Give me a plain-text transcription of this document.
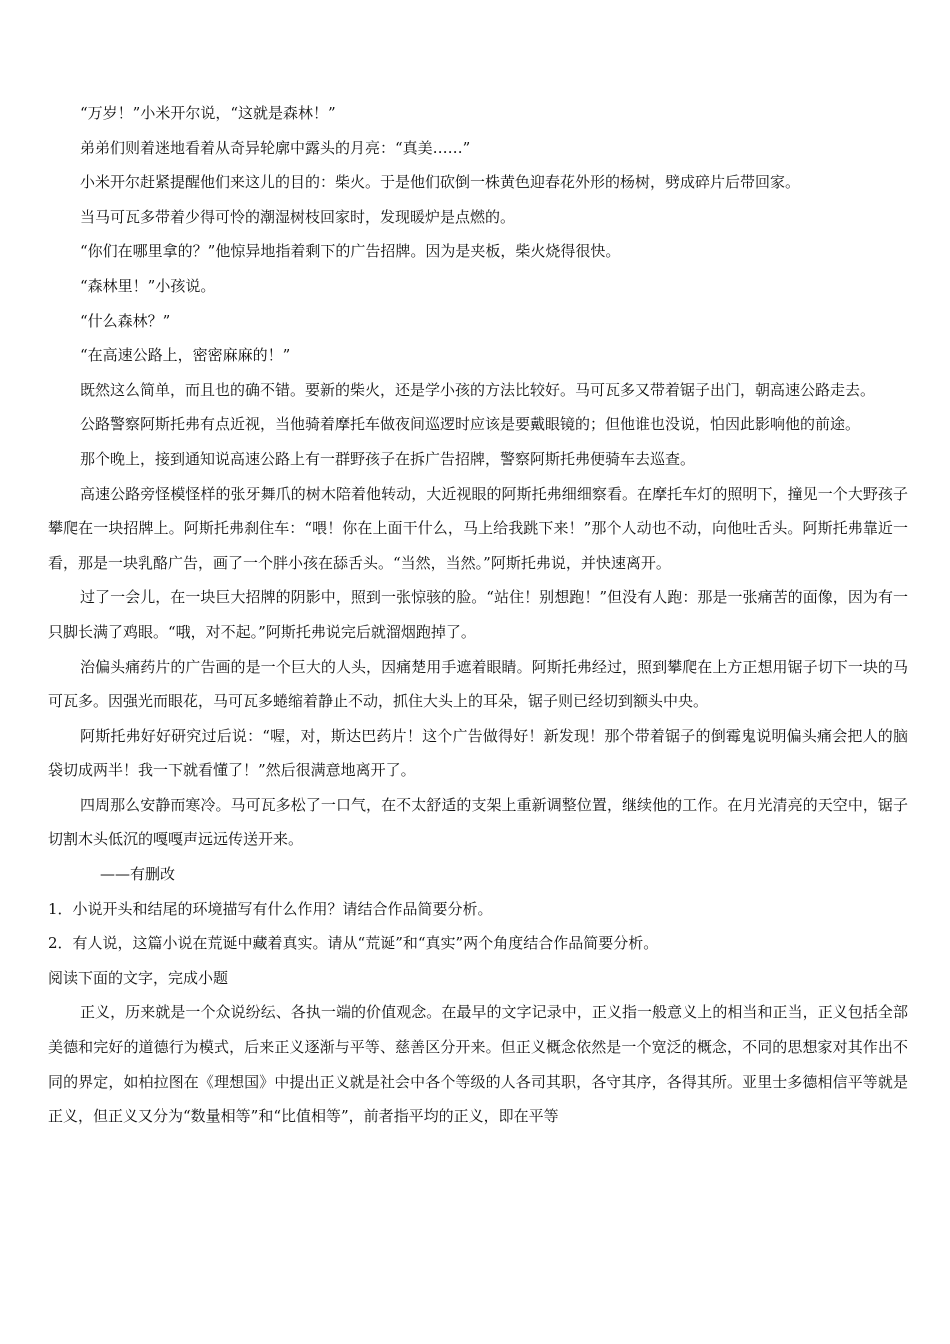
“万岁！”小米开尔说，“这就是森林！”

弟弟们则着迷地看着从奇异轮廓中露头的月亮：“真美……”

小米开尔赶紧提醒他们来这儿的目的：柴火。于是他们砍倒一株黄色迎春花外形的杨树，劈成碎片后带回家。

当马可瓦多带着少得可怜的潮湿树枝回家时，发现暖炉是点燃的。

“你们在哪里拿的？”他惊异地指着剩下的广告招牌。因为是夹板，柴火烧得很快。

“森林里！”小孩说。

“什么森林？”

“在高速公路上，密密麻麻的！”

既然这么简单，而且也的确不错。要新的柴火，还是学小孩的方法比较好。马可瓦多又带着锯子出门，朝高速公路走去。

公路警察阿斯托弗有点近视，当他骑着摩托车做夜间巡逻时应该是要戴眼镜的；但他谁也没说，怕因此影响他的前途。

那个晚上，接到通知说高速公路上有一群野孩子在拆广告招牌，警察阿斯托弗便骑车去巡查。

高速公路旁怪模怪样的张牙舞爪的树木陪着他转动，大近视眼的阿斯托弗细细察看。在摩托车灯的照明下，撞见一个大野孩子攀爬在一块招牌上。阿斯托弗刹住车：“喂！你在上面干什么，马上给我跳下来！”那个人动也不动，向他吐舌头。阿斯托弗靠近一看，那是一块乳酪广告，画了一个胖小孩在舔舌头。“当然，当然。”阿斯托弗说，并快速离开。

过了一会儿，在一块巨大招牌的阴影中，照到一张惊骇的脸。“站住！别想跑！”但没有人跑：那是一张痛苦的面像，因为有一只脚长满了鸡眼。“哦，对不起。”阿斯托弗说完后就溜烟跑掉了。

治偏头痛药片的广告画的是一个巨大的人头，因痛楚用手遮着眼睛。阿斯托弗经过，照到攀爬在上方正想用锯子切下一块的马可瓦多。因强光而眼花，马可瓦多蜷缩着静止不动，抓住大头上的耳朵，锯子则已经切到额头中央。

阿斯托弗好好研究过后说：“喔，对，斯达巴药片！这个广告做得好！新发现！那个带着锯子的倒霉鬼说明偏头痛会把人的脑袋切成两半！我一下就看懂了！”然后很满意地离开了。

四周那么安静而寒冷。马可瓦多松了一口气，在不太舒适的支架上重新调整位置，继续他的工作。在月光清亮的天空中，锯子切割木头低沉的嘎嘎声远远传送开来。

——有删改

1．小说开头和结尾的环境描写有什么作用？请结合作品简要分析。

2．有人说，这篇小说在荒诞中藏着真实。请从“荒诞”和“真实”两个角度结合作品简要分析。

阅读下面的文字，完成小题

正义，历来就是一个众说纷纭、各执一端的价值观念。在最早的文字记录中，正义指一般意义上的相当和正当，正义包括全部美德和完好的道德行为模式，后来正义逐渐与平等、慈善区分开来。但正义概念依然是一个宽泛的概念，不同的思想家对其作出不同的界定，如柏拉图在《理想国》中提出正义就是社会中各个等级的人各司其职，各守其序，各得其所。亚里士多德相信平等就是正义，但正义又分为“数量相等”和“比值相等”，前者指平均的正义，即在平等
